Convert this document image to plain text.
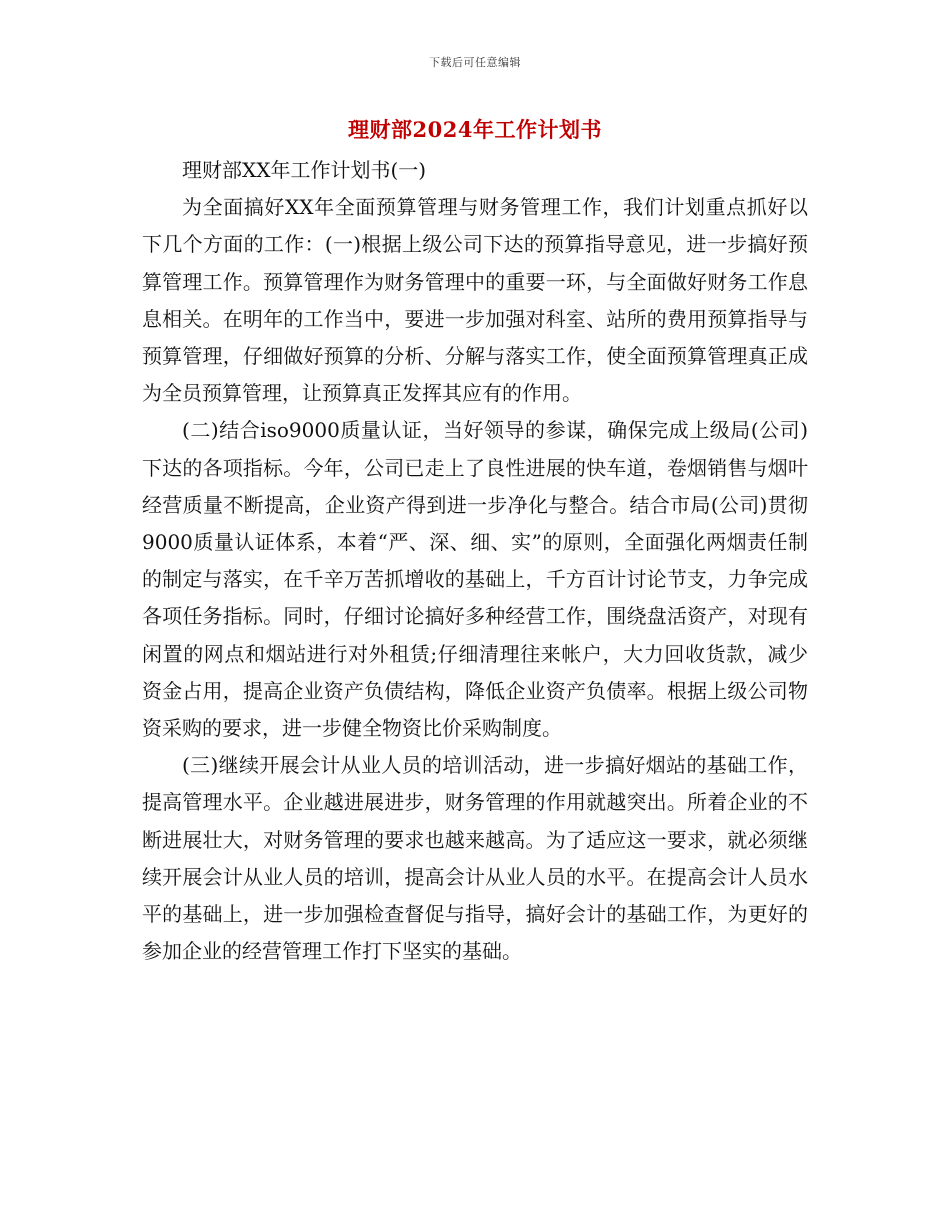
下载后可任意编辑
理财部2024年工作计划书

理财部XX年工作计划书(一)

为全面搞好XX年全面预算管理与财务管理工作，我们计划重点抓好以下几个方面的工作：(一)根据上级公司下达的预算指导意见，进一步搞好预算管理工作。预算管理作为财务管理中的重要一环，与全面做好财务工作息息相关。在明年的工作当中，要进一步加强对科室、站所的费用预算指导与预算管理，仔细做好预算的分析、分解与落实工作，使全面预算管理真正成为全员预算管理，让预算真正发挥其应有的作用。

(二)结合iso9000质量认证，当好领导的参谋，确保完成上级局(公司)下达的各项指标。今年，公司已走上了良性进展的快车道，卷烟销售与烟叶经营质量不断提高，企业资产得到进一步净化与整合。结合市局(公司)贯彻9000质量认证体系，本着“严、深、细、实”的原则，全面强化两烟责任制的制定与落实，在千辛万苦抓增收的基础上，千方百计讨论节支，力争完成各项任务指标。同时，仔细讨论搞好多种经营工作，围绕盘活资产，对现有闲置的网点和烟站进行对外租赁;仔细清理往来帐户，大力回收货款，减少资金占用，提高企业资产负债结构，降低企业资产负债率。根据上级公司物资采购的要求，进一步健全物资比价采购制度。

(三)继续开展会计从业人员的培训活动，进一步搞好烟站的基础工作，提高管理水平。企业越进展进步，财务管理的作用就越突出。所着企业的不断进展壮大，对财务管理的要求也越来越高。为了适应这一要求，就必须继续开展会计从业人员的培训，提高会计从业人员的水平。在提高会计人员水平的基础上，进一步加强检查督促与指导，搞好会计的基础工作，为更好的参加企业的经营管理工作打下坚实的基础。
